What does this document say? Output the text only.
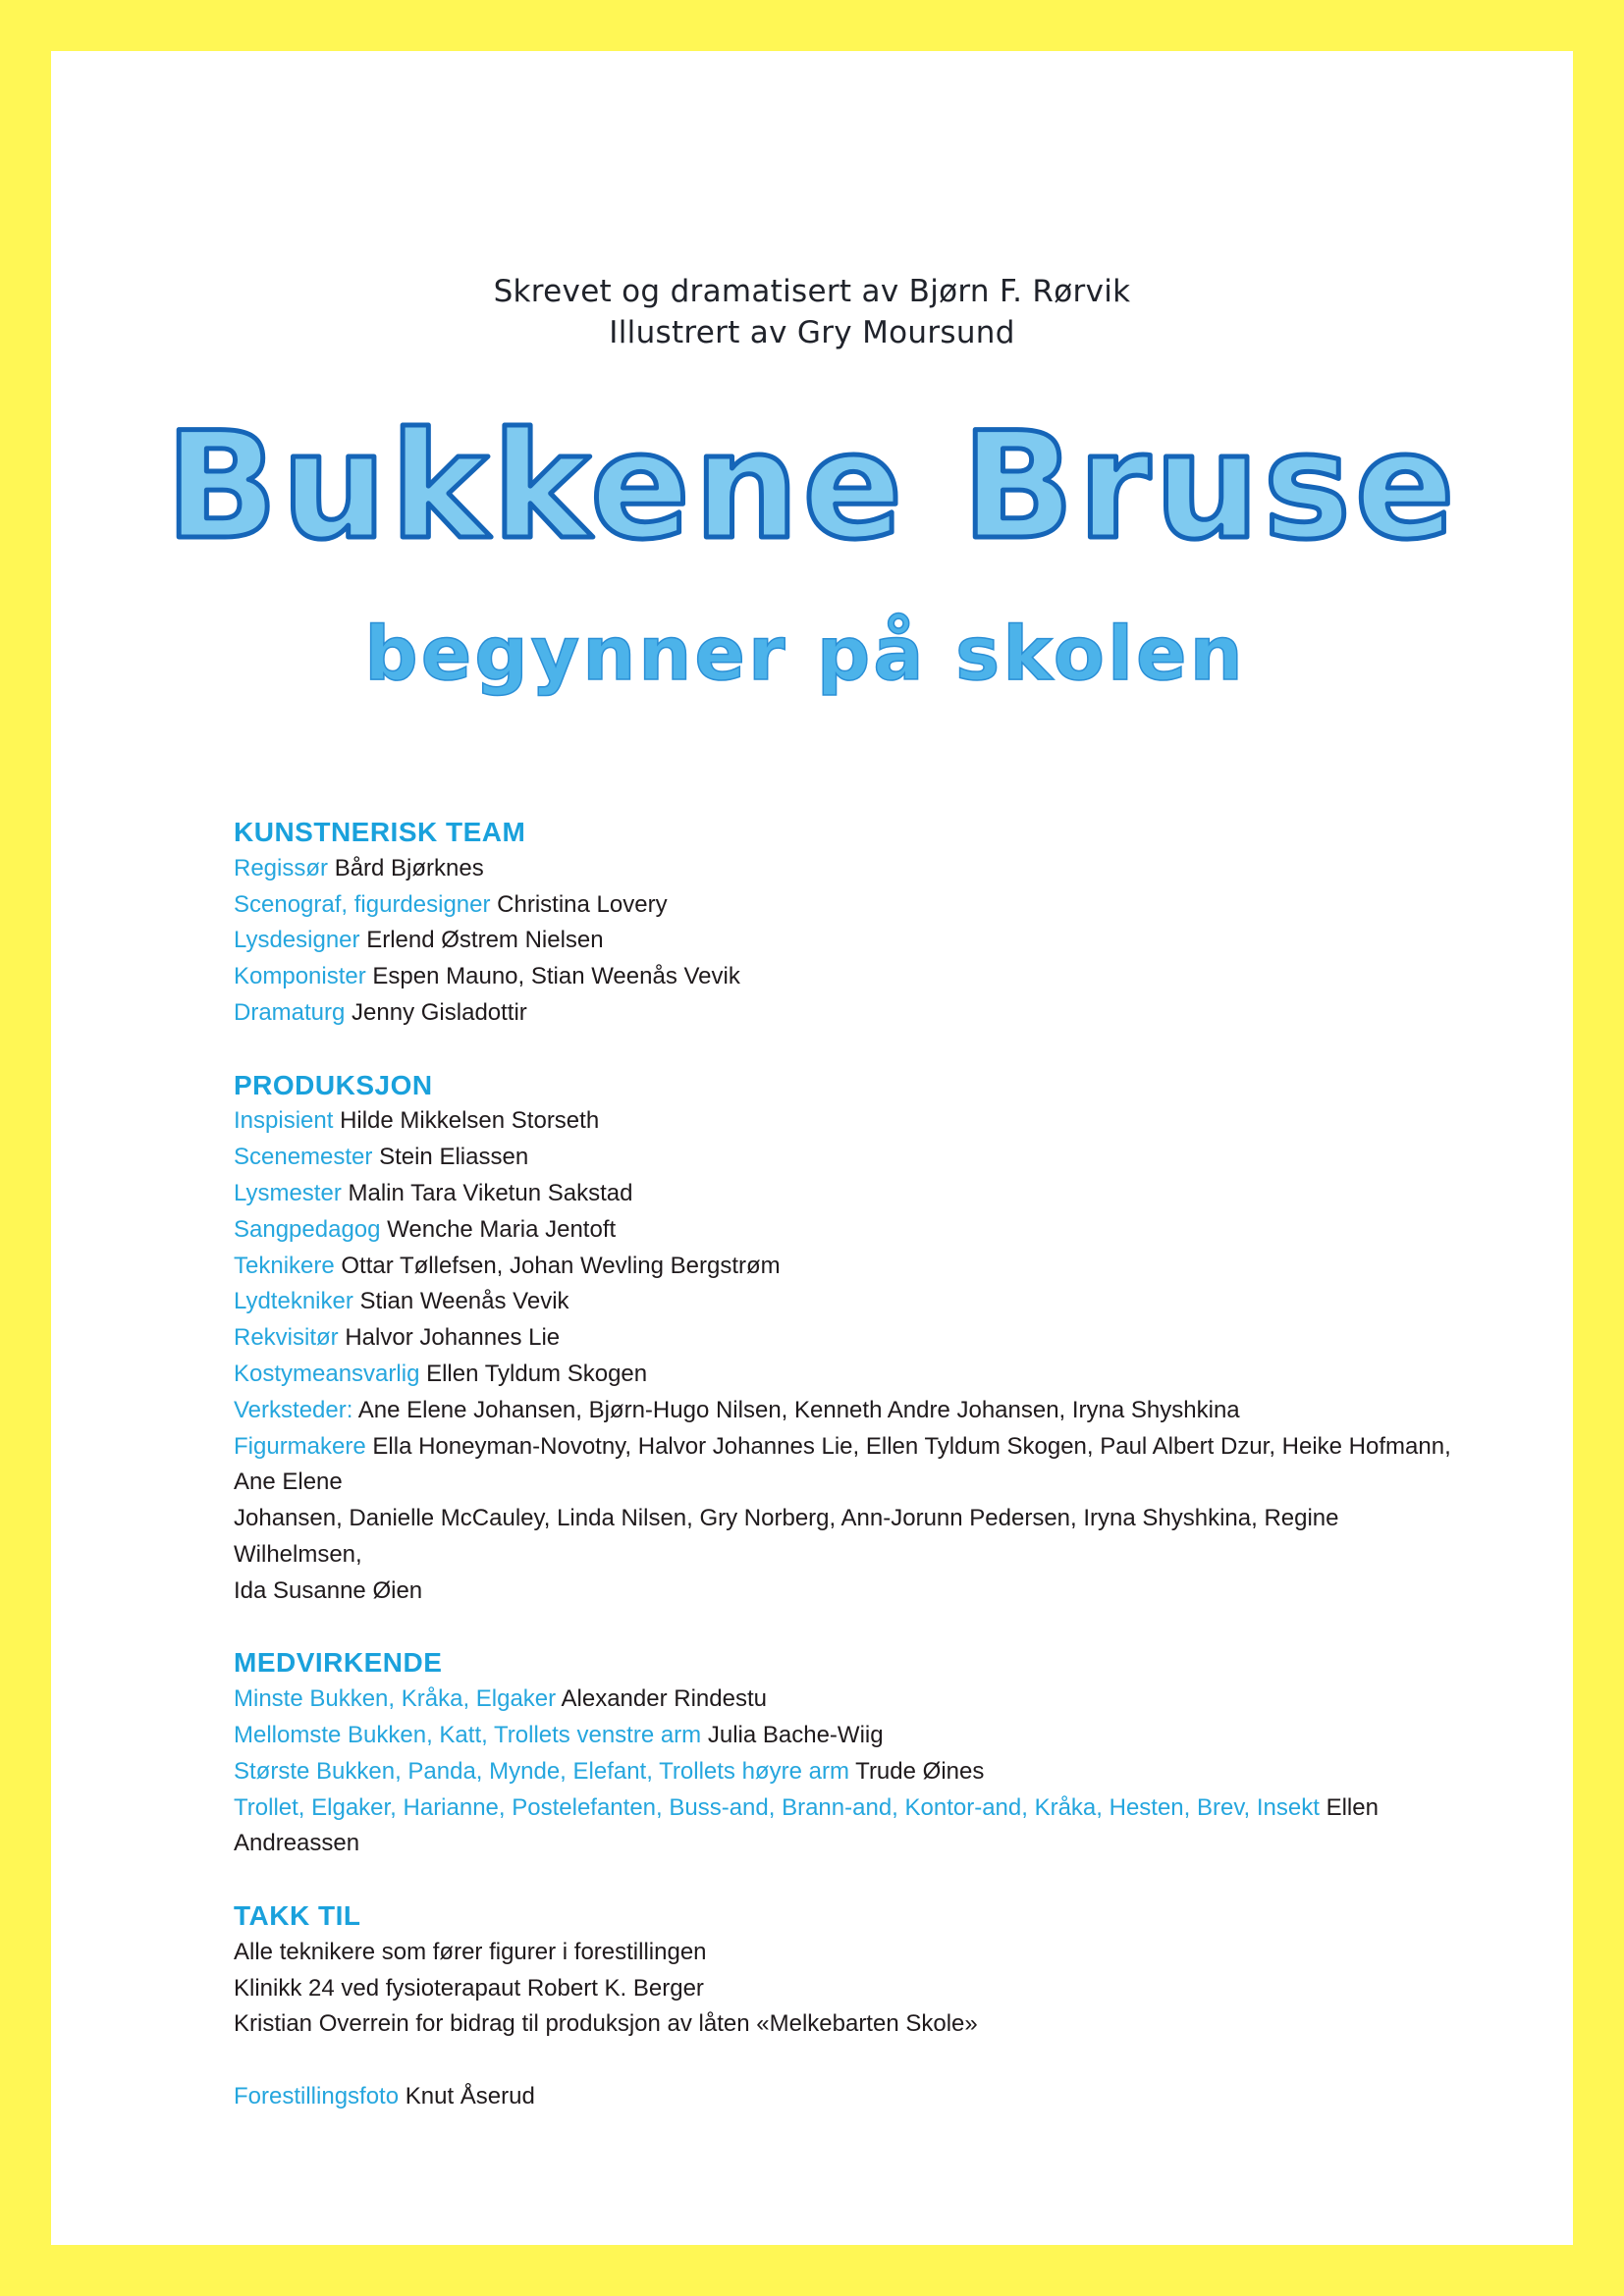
Skrevet og dramatisert av Bjørn F. Rørvik
Illustrert av Gry Moursund
Bukkene Bruse
begynner på skolen
KUNSTNERISK TEAM
Regissør Bård Bjørknes
Scenograf, figurdesigner Christina Lovery
Lysdesigner Erlend Østrem Nielsen
Komponister Espen Mauno, Stian Weenås Vevik
Dramaturg Jenny Gisladottir
PRODUKSJON
Inspisient Hilde Mikkelsen Storseth
Scenemester Stein Eliassen
Lysmester Malin Tara Viketun Sakstad
Sangpedagog Wenche Maria Jentoft
Teknikere Ottar Tøllefsen, Johan Wevling Bergstrøm
Lydtekniker Stian Weenås Vevik
Rekvisitør Halvor Johannes Lie
Kostymeansvarlig Ellen Tyldum Skogen
Verksteder: Ane Elene Johansen, Bjørn-Hugo Nilsen, Kenneth Andre Johansen, Iryna Shyshkina
Figurmakere Ella Honeyman-Novotny, Halvor Johannes Lie, Ellen Tyldum Skogen, Paul Albert Dzur, Heike Hofmann, Ane Elene
Johansen, Danielle McCauley, Linda Nilsen, Gry Norberg, Ann-Jorunn Pedersen, Iryna Shyshkina, Regine Wilhelmsen,
Ida Susanne Øien
MEDVIRKENDE
Minste Bukken, Kråka, Elgaker Alexander Rindestu
Mellomste Bukken, Katt, Trollets venstre arm Julia Bache-Wiig
Største Bukken, Panda, Mynde, Elefant, Trollets høyre arm Trude Øines
Trollet, Elgaker, Harianne, Postelefanten, Buss-and, Brann-and, Kontor-and, Kråka, Hesten, Brev, Insekt Ellen Andreassen
TAKK TIL
Alle teknikere som fører figurer i forestillingen
Klinikk 24 ved fysioterapaut Robert K. Berger
Kristian Overrein for bidrag til produksjon av låten «Melkebarten Skole»
Forestillingsfoto Knut Åserud
